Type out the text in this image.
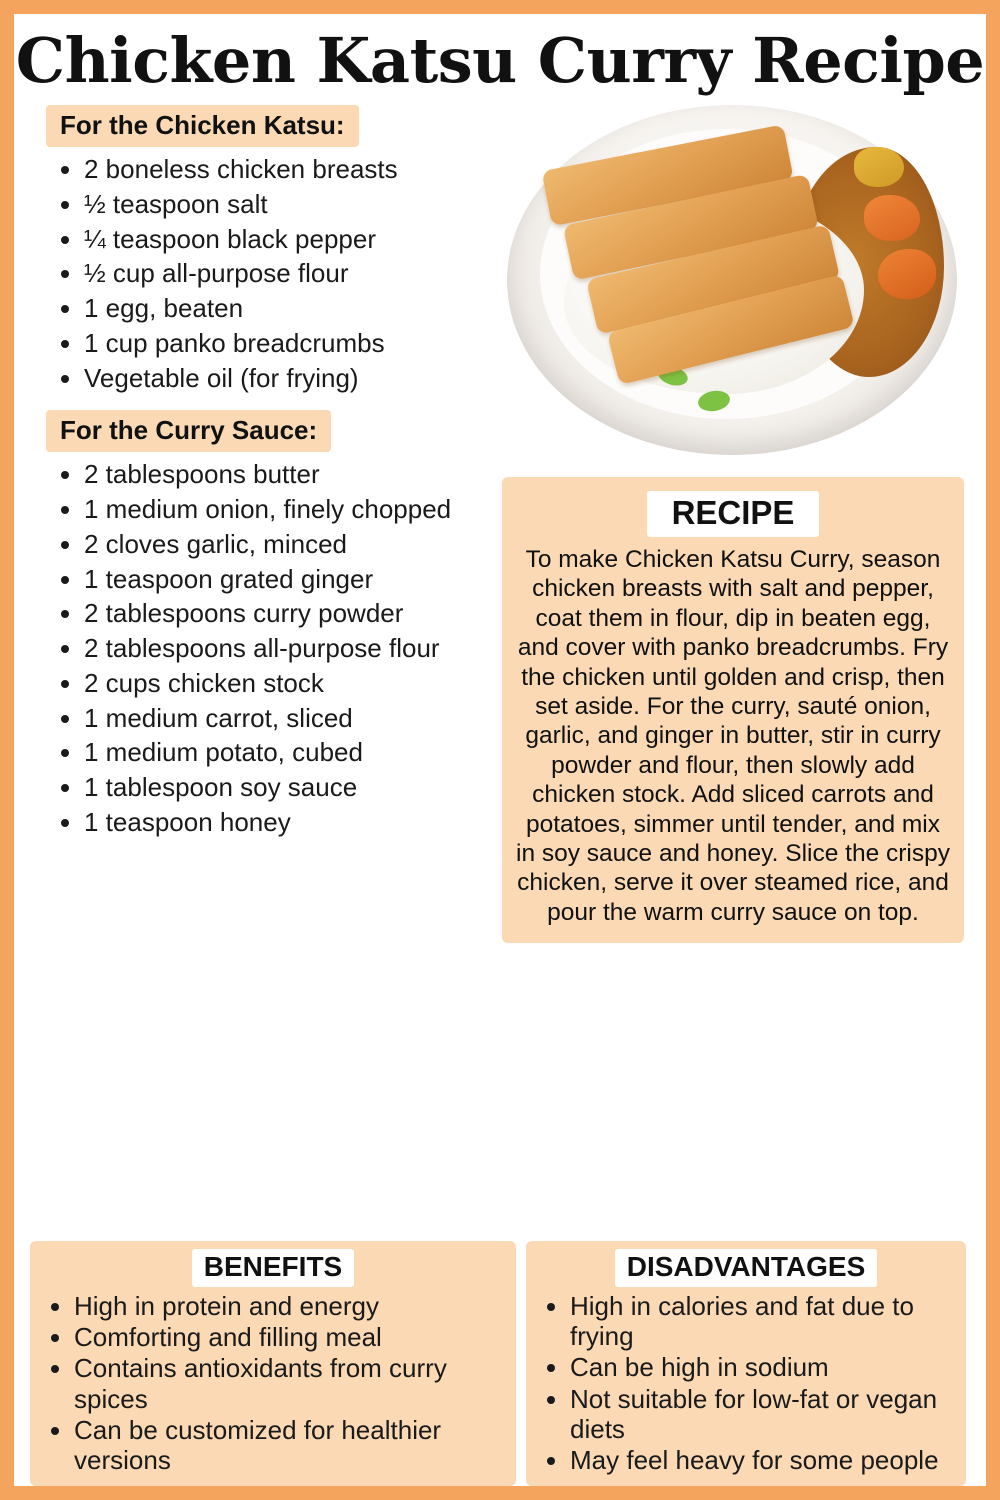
Chicken Katsu Curry Recipe
For the Chicken Katsu:
• 2 boneless chicken breasts
• ½ teaspoon salt
• ¼ teaspoon black pepper
• ½ cup all-purpose flour
• 1 egg, beaten
• 1 cup panko breadcrumbs
• Vegetable oil (for frying)
For the Curry Sauce:
• 2 tablespoons butter
• 1 medium onion, finely chopped
• 2 cloves garlic, minced
• 1 teaspoon grated ginger
• 2 tablespoons curry powder
• 2 tablespoons all-purpose flour
• 2 cups chicken stock
• 1 medium carrot, sliced
• 1 medium potato, cubed
• 1 tablespoon soy sauce
• 1 teaspoon honey
RECIPE

To make Chicken Katsu Curry, season chicken breasts with salt and pepper, coat them in flour, dip in beaten egg, and cover with panko breadcrumbs. Fry the chicken until golden and crisp, then set aside. For the curry, sauté onion, garlic, and ginger in butter, stir in curry powder and flour, then slowly add chicken stock. Add sliced carrots and potatoes, simmer until tender, and mix in soy sauce and honey. Slice the crispy chicken, serve it over steamed rice, and pour the warm curry sauce on top.

BENEFITS
• High in protein and energy
• Comforting and filling meal
• Contains antioxidants from curry spices
• Can be customized for healthier versions
DISADVANTAGES
• High in calories and fat due to frying
• Can be high in sodium
• Not suitable for low-fat or vegan diets
• May feel heavy for some people
